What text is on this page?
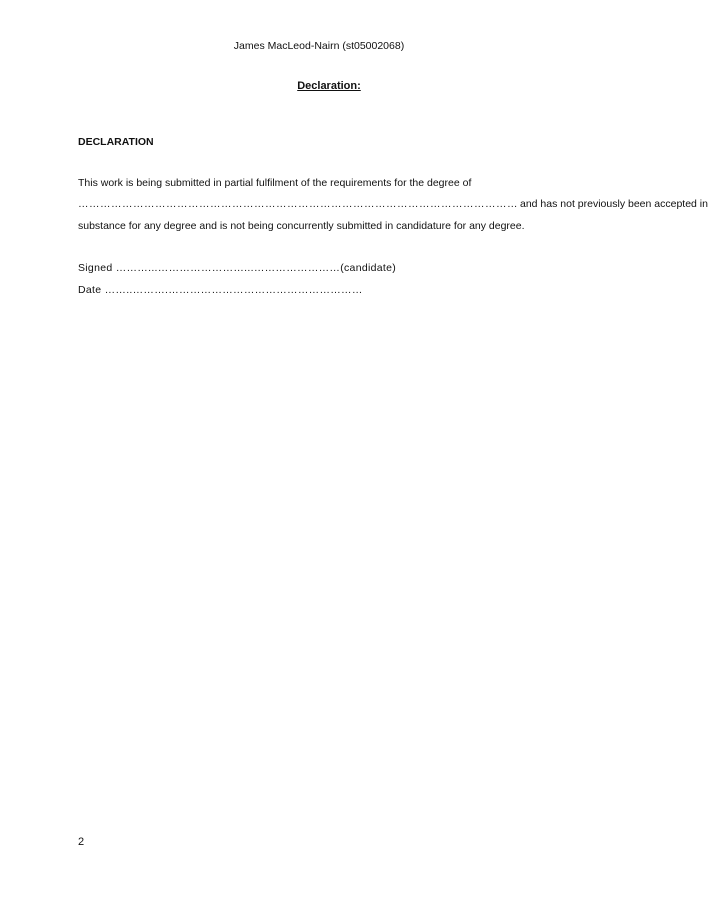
James MacLeod-Nairn (st05002068)
Declaration:
DECLARATION
This work is being submitted in partial fulfilment of the requirements for the degree of
………………………………………………………………………………………………………… and has not previously been accepted in
substance for any degree and is not being concurrently submitted in candidature for any degree.
Signed ………...……………………...……………………(candidate)
Date ……..……….………………………………………………
2
